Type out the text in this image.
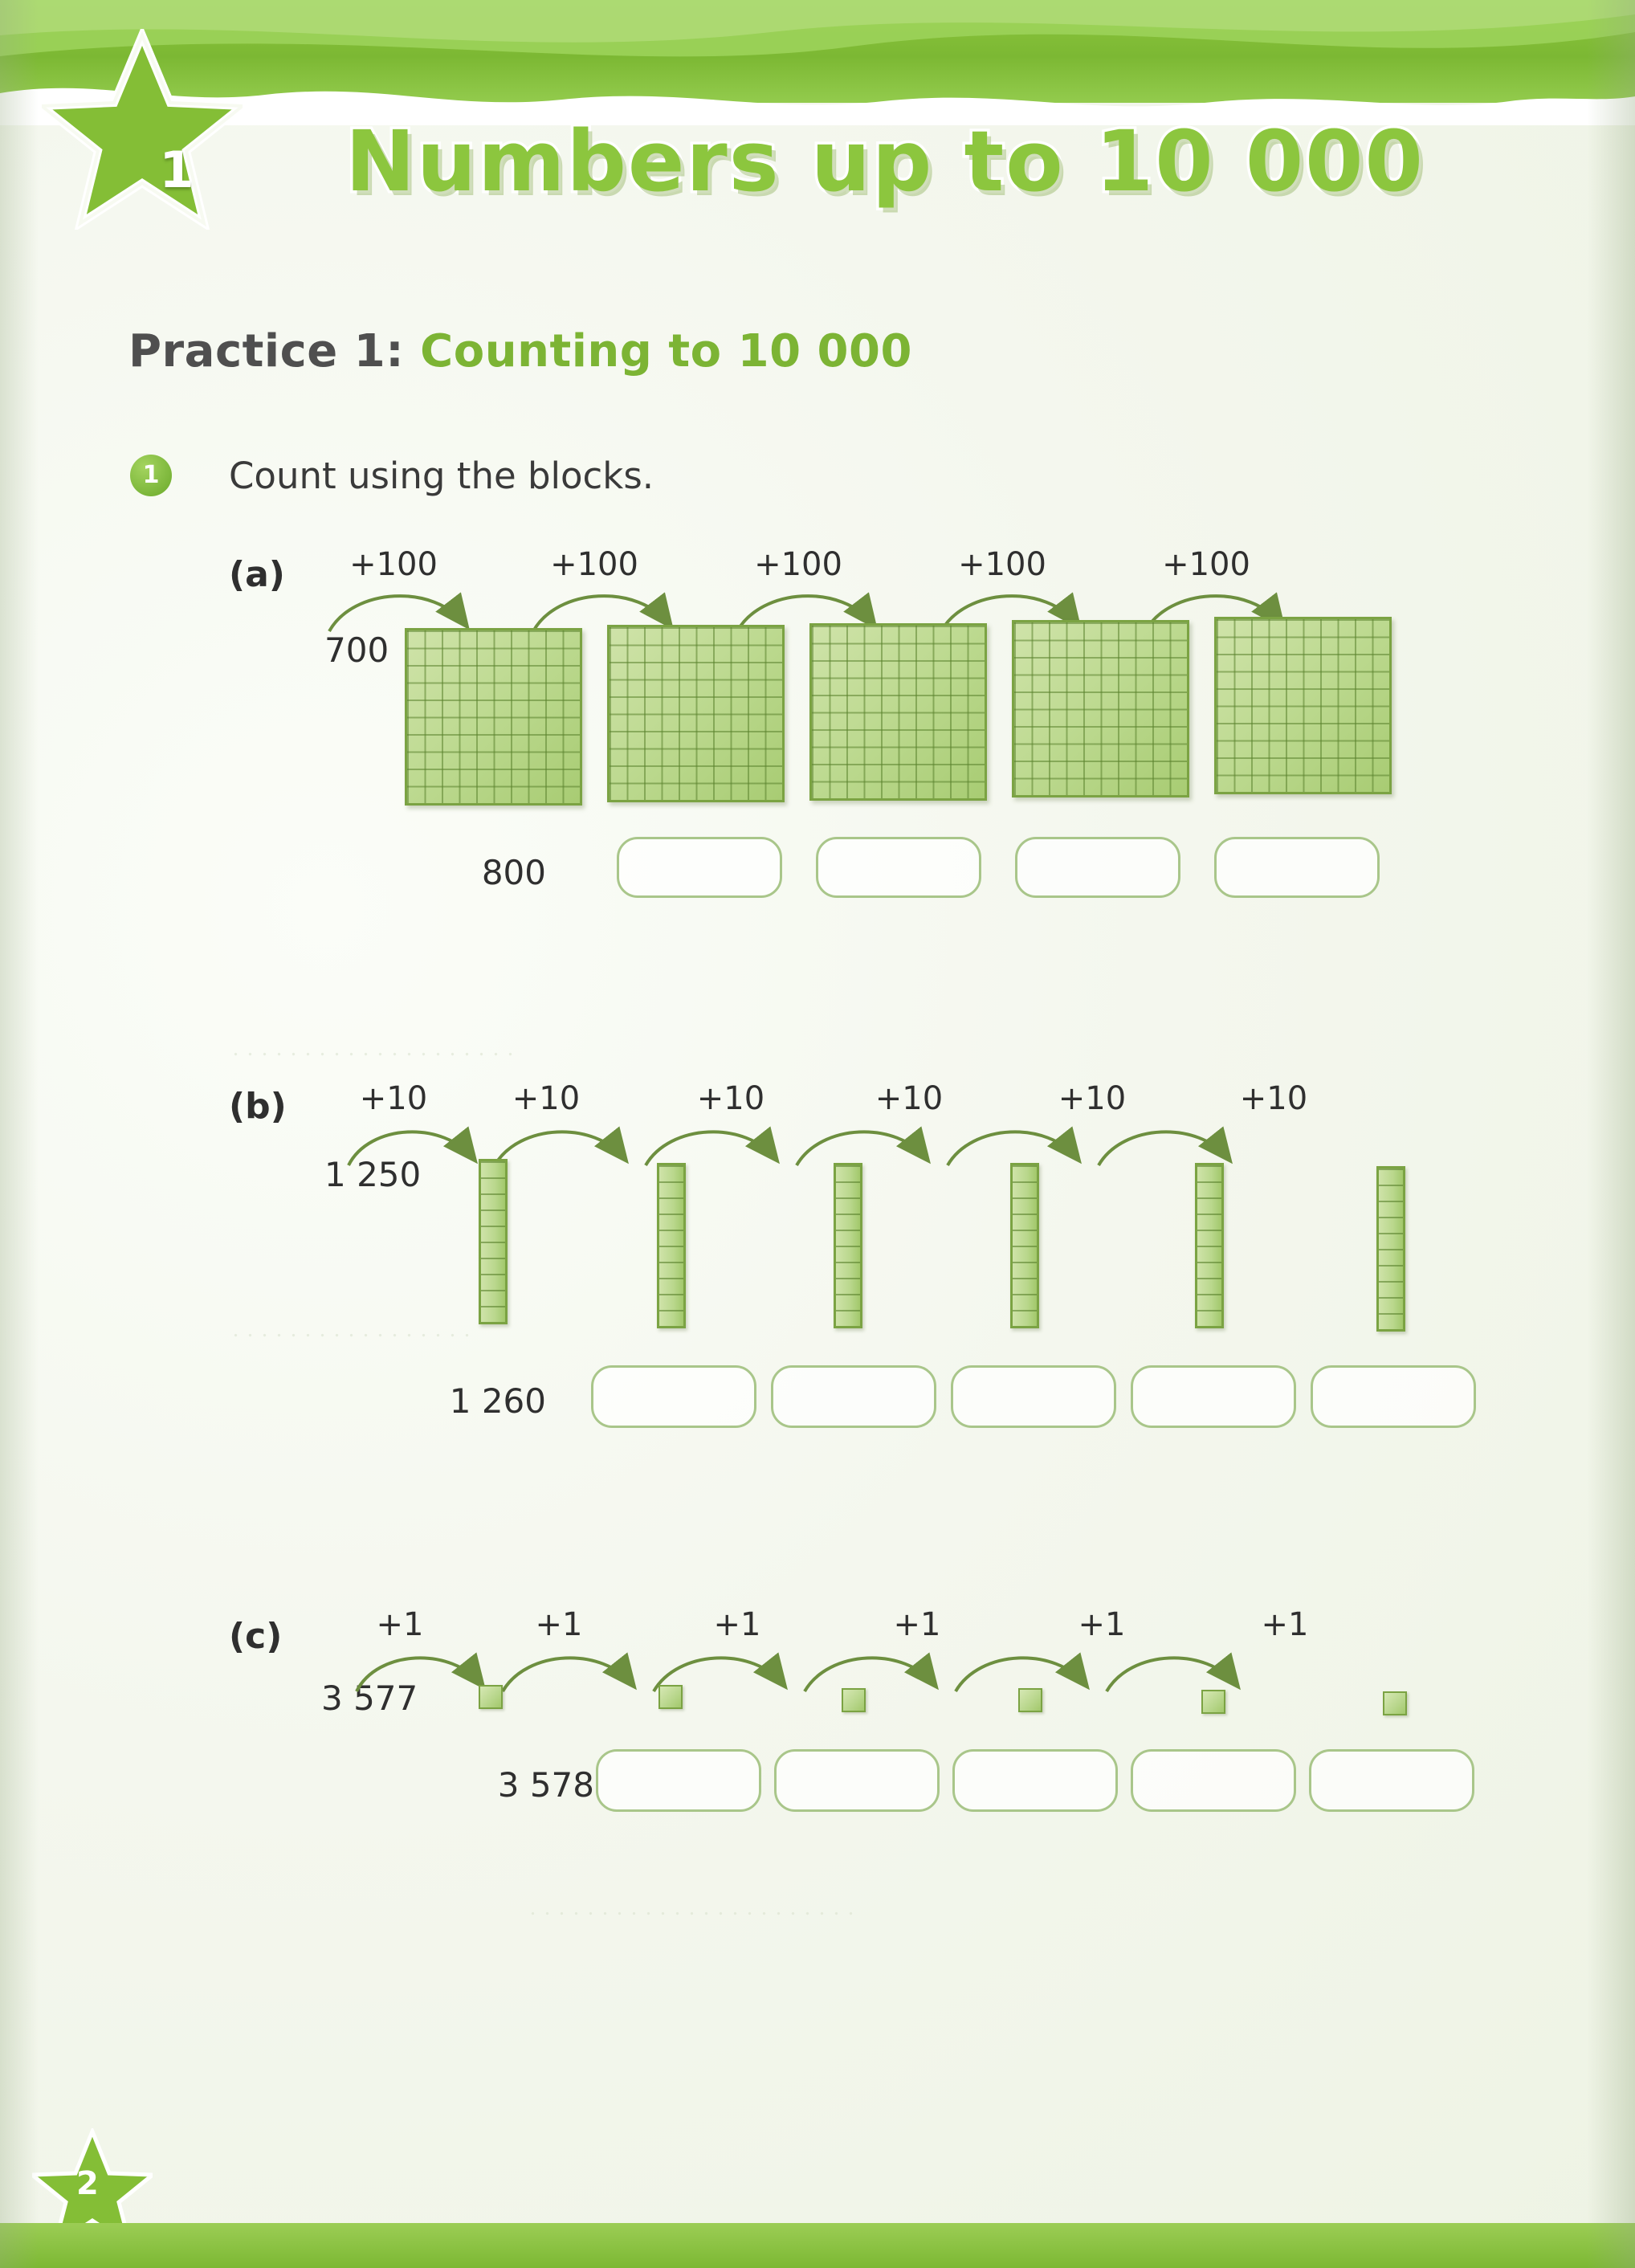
. . . . . . . . . . . . . . . . . . . .
. . . . . . . . . . . . . . . . .
. . . . . . . . . . . . . . . . . . . . . . .
1 Numbers up to 10 000
Practice 1: Counting to 10 000
1	Count using the blocks.
(a)
700
+100	+100	+100	+100	+100
800
(b)
1 250
+10	+10	+10	+10	+10	+10
1 260
(c)
3 577
+1	+1	+1	+1	+1	+1
3 578
2
